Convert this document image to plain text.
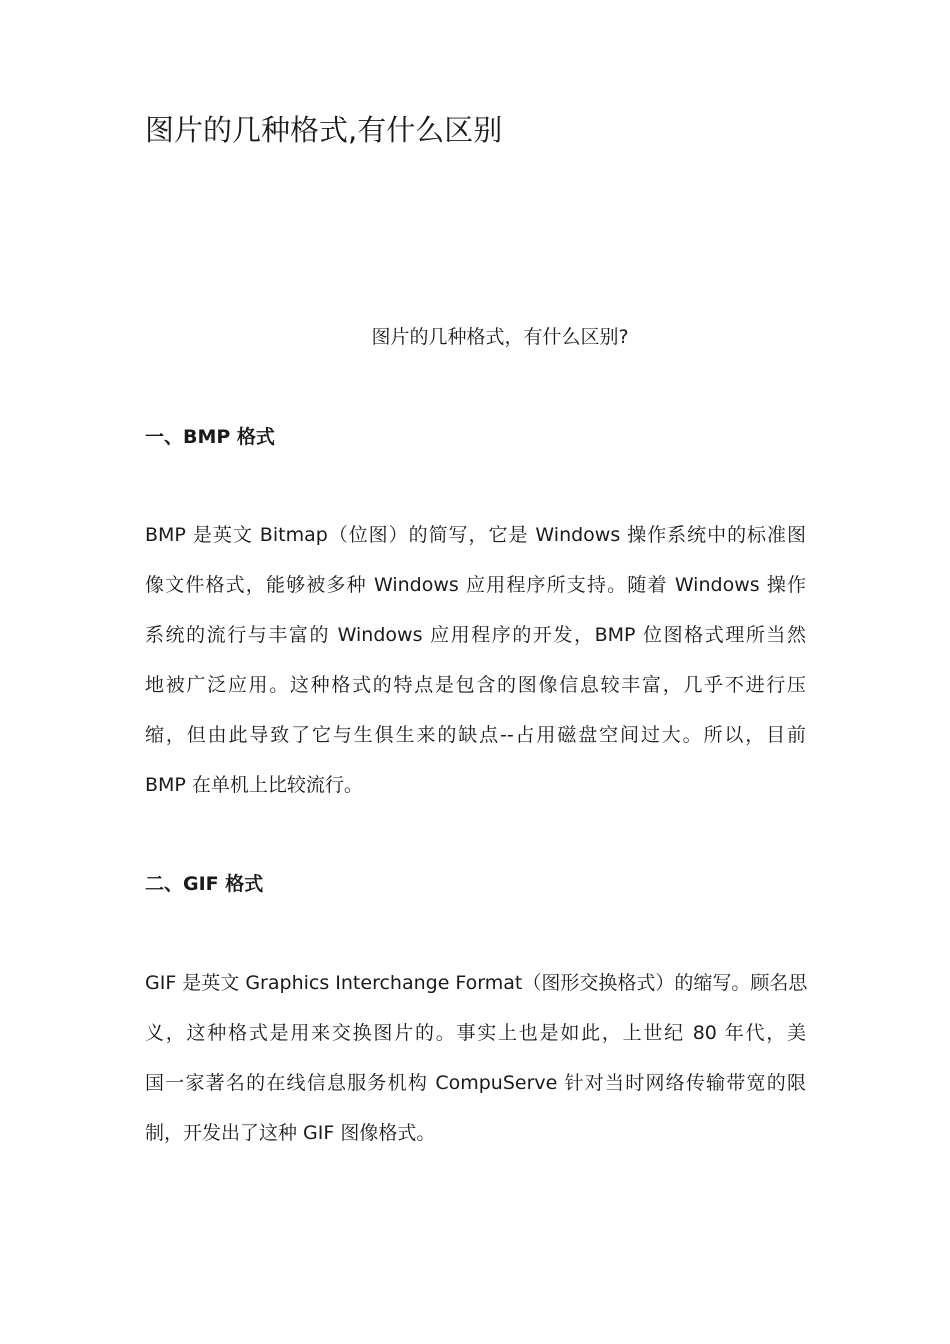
图片的几种格式,有什么区别

图片的几种格式，有什么区别?

一、BMP 格式
BMP 是英文 Bitmap（位图）的简写，它是 Windows 操作系统中的标准图
像文件格式，能够被多种 Windows 应用程序所支持。随着 Windows 操作
系统的流行与丰富的 Windows 应用程序的开发，BMP 位图格式理所当然
地被广泛应用。这种格式的特点是包含的图像信息较丰富，几乎不进行压
缩，但由此导致了它与生俱生来的缺点--占用磁盘空间过大。所以，目前
BMP 在单机上比较流行。
二、GIF 格式
GIF 是英文 Graphics Interchange Format（图形交换格式）的缩写。顾名思
义，这种格式是用来交换图片的。事实上也是如此，上世纪 80 年代，美
国一家著名的在线信息服务机构 CompuServe 针对当时网络传输带宽的限
制，开发出了这种 GIF 图像格式。
